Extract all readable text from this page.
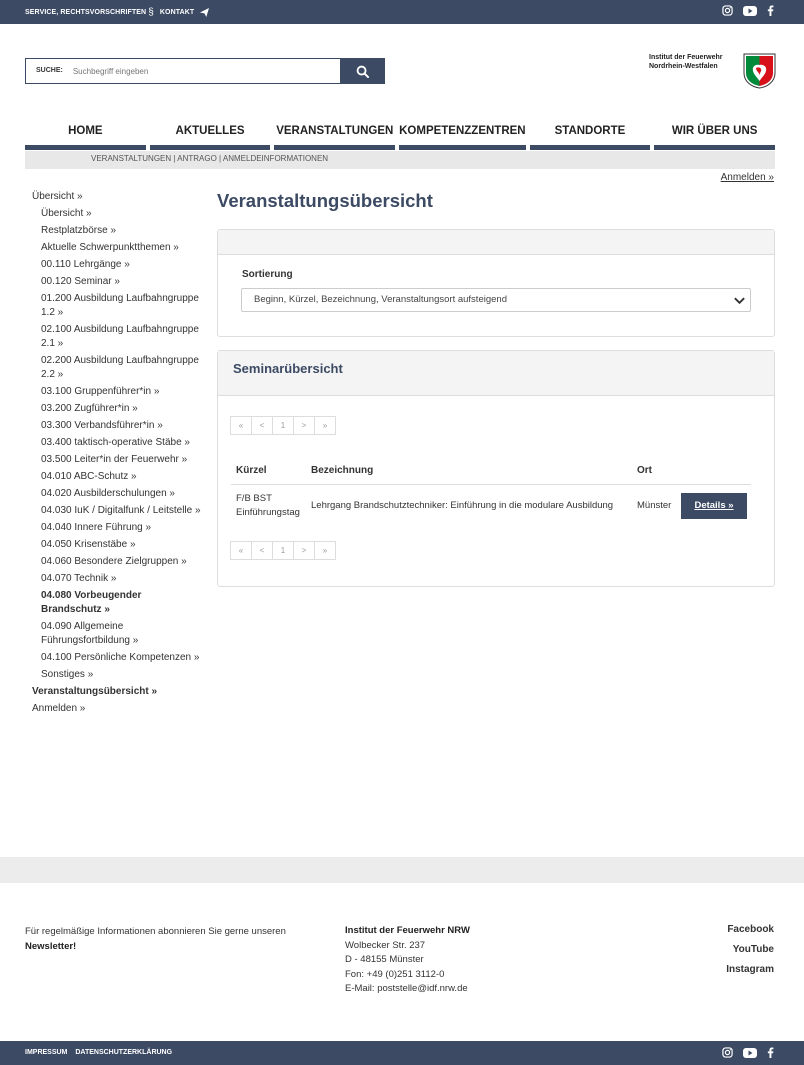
SERVICE, RECHTSVORSCHRIFTEN § KONTAKT
SUCHE:
Suchbegriff eingeben
Institut der Feuerwehr
Nordrhein-Westfalen
HOME	AKTUELLES	VERANSTALTUNGEN KOMPETENZZENTREN	STANDORTE	WIR ÜBER UNS
VERANSTALTUNGEN | ANTRAGO | ANMELDEINFORMATIONEN
Anmelden »
Übersicht »
Übersicht »
Restplatzbörse »
Aktuelle Schwerpunktthemen »
00.110 Lehrgänge »
00.120 Seminar »
01.200 Ausbildung Laufbahngruppe 1.2 »
02.100 Ausbildung Laufbahngruppe 2.1 »
02.200 Ausbildung Laufbahngruppe 2.2 »
03.100 Gruppenführer*in »
03.200 Zugführer*in »
03.300 Verbandsführer*in »
03.400 taktisch-operative Stäbe »
03.500 Leiter*in der Feuerwehr »
04.010 ABC-Schutz »
04.020 Ausbilderschulungen »
04.030 IuK / Digitalfunk / Leitstelle »
04.040 Innere Führung »
04.050 Krisenstäbe »
04.060 Besondere Zielgruppen »
04.070 Technik »
04.080 Vorbeugender Brandschutz »
04.090 Allgemeine Führungsfortbildung »
04.100 Persönliche Kompetenzen »
Sonstiges »
Veranstaltungsübersicht »
Anmelden »
Veranstaltungsübersicht
Sortierung
Beginn, Kürzel, Bezeichnung, Veranstaltungsort aufsteigend
Seminarübersicht
«	<	1	>	»
Kürzel	Bezeichnung	Ort
F/B BST
Einführungstag
Lehrgang Brandschutztechniker: Einführung in die modulare Ausbildung	Münster	Details »
«	<	1	>	»
Für regelmäßige Informationen abonnieren Sie gerne unseren
Newsletter!
Institut der Feuerwehr NRW
Wolbecker Str. 237
D - 48155 Münster
Fon: +49 (0)251 3112-0
E-Mail: poststelle@idf.nrw.de
Facebook
YouTube
Instagram
IMPRESSUM DATENSCHUTZERKLÄRUNG
